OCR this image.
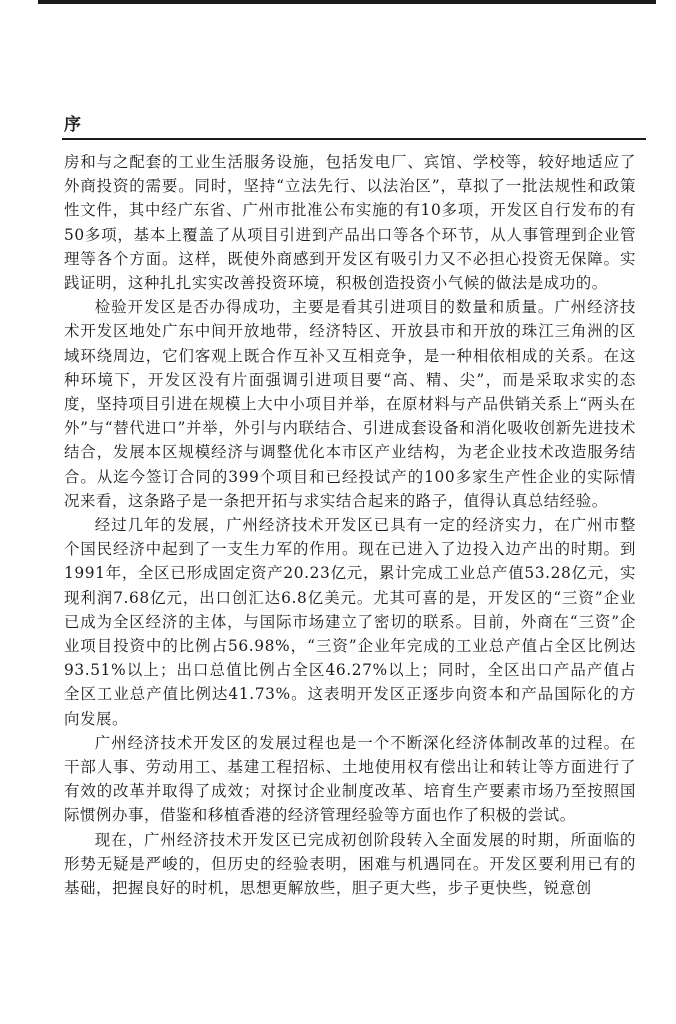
序

房和与之配套的工业生活服务设施，包括发电厂、宾馆、学校等，较好地适应了外商投资的需要。同时，坚持“立法先行、以法治区”，草拟了一批法规性和政策性文件，其中经广东省、广州市批准公布实施的有10多项，开发区自行发布的有50多项，基本上覆盖了从项目引进到产品出口等各个环节，从人事管理到企业管理等各个方面。这样，既使外商感到开发区有吸引力又不必担心投资无保障。实践证明，这种扎扎实实改善投资环境，积极创造投资小气候的做法是成功的。

检验开发区是否办得成功，主要是看其引进项目的数量和质量。广州经济技术开发区地处广东中间开放地带，经济特区、开放县市和开放的珠江三角洲的区域环绕周边，它们客观上既合作互补又互相竞争，是一种相依相成的关系。在这种环境下，开发区没有片面强调引进项目要“高、精、尖”，而是采取求实的态度，坚持项目引进在规模上大中小项目并举，在原材料与产品供销关系上“两头在外”与“替代进口”并举，外引与内联结合、引进成套设备和消化吸收创新先进技术结合，发展本区规模经济与调整优化本市区产业结构，为老企业技术改造服务结合。从迄今签订合同的399个项目和已经投试产的100多家生产性企业的实际情况来看，这条路子是一条把开拓与求实结合起来的路子，值得认真总结经验。

经过几年的发展，广州经济技术开发区已具有一定的经济实力，在广州市整个国民经济中起到了一支生力军的作用。现在已进入了边投入边产出的时期。到1991年，全区已形成固定资产20.23亿元，累计完成工业总产值53.28亿元，实现利润7.68亿元，出口创汇达6.8亿美元。尤其可喜的是，开发区的“三资”企业已成为全区经济的主体，与国际市场建立了密切的联系。目前，外商在“三资”企业项目投资中的比例占56.98%，“三资”企业年完成的工业总产值占全区比例达93.51%以上；出口总值比例占全区46.27%以上；同时，全区出口产品产值占全区工业总产值比例达41.73%。这表明开发区正逐步向资本和产品国际化的方向发展。

广州经济技术开发区的发展过程也是一个不断深化经济体制改革的过程。在干部人事、劳动用工、基建工程招标、土地使用权有偿出让和转让等方面进行了有效的改革并取得了成效；对探讨企业制度改革、培育生产要素市场乃至按照国际惯例办事，借鉴和移植香港的经济管理经验等方面也作了积极的尝试。

现在，广州经济技术开发区已完成初创阶段转入全面发展的时期，所面临的形势无疑是严峻的，但历史的经验表明，困难与机遇同在。开发区要利用已有的基础，把握良好的时机，思想更解放些，胆子更大些，步子更快些，锐意创
